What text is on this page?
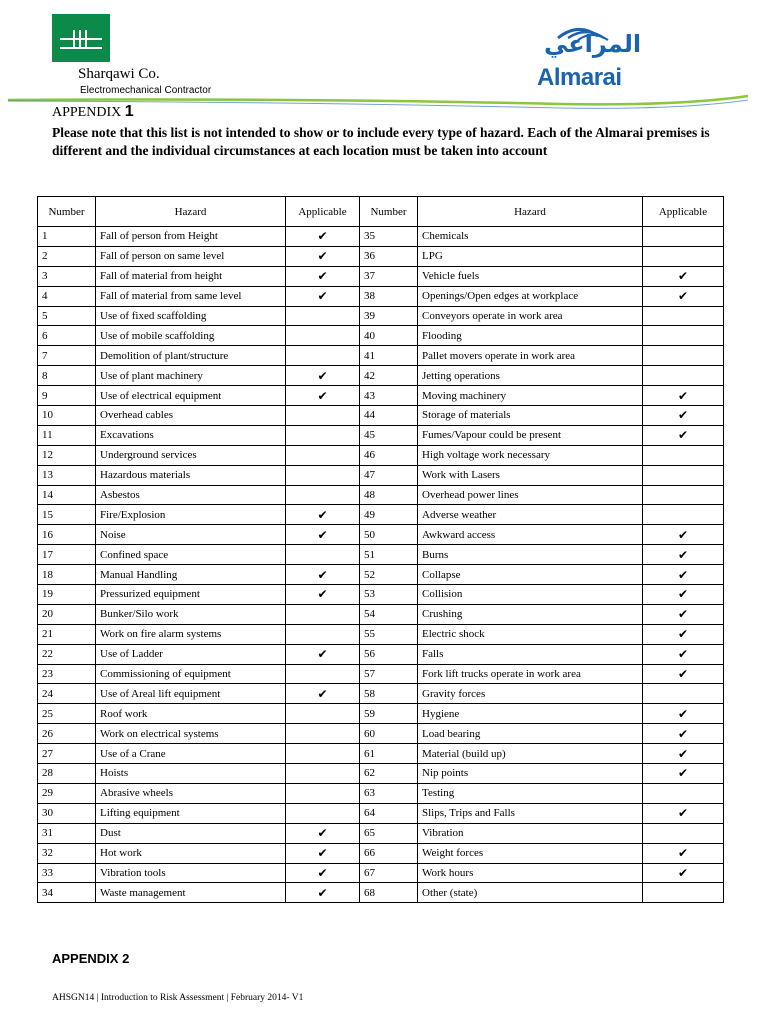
Sharqawi Co.
Electromechanical Contractor
المراعي
Almarai
APPENDIX 1
Please note that this list is not intended to show or to include every type of hazard. Each of the Almarai premises is different and the individual circumstances at each location must be taken into account
Number	Hazard	Applicable	Number	Hazard	Applicable
1	Fall of person from Height	✔	35	Chemicals	
2	Fall of person on same level	✔	36	LPG	
3	Fall of material from height	✔	37	Vehicle fuels	✔
4	Fall of material from same level	✔	38	Openings/Open edges at workplace	✔
5	Use of fixed scaffolding		39	Conveyors operate in work area	
6	Use of mobile scaffolding		40	Flooding	
7	Demolition of plant/structure		41	Pallet movers operate in work area	
8	Use of plant machinery	✔	42	Jetting operations	
9	Use of electrical equipment	✔	43	Moving machinery	✔
10	Overhead cables		44	Storage of materials	✔
11	Excavations		45	Fumes/Vapour could be present	✔
12	Underground services		46	High voltage work necessary	
13	Hazardous materials		47	Work with Lasers	
14	Asbestos		48	Overhead power lines	
15	Fire/Explosion	✔	49	Adverse weather	
16	Noise	✔	50	Awkward access	✔
17	Confined space		51	Burns	✔
18	Manual Handling	✔	52	Collapse	✔
19	Pressurized equipment	✔	53	Collision	✔
20	Bunker/Silo work		54	Crushing	✔
21	Work on fire alarm systems		55	Electric shock	✔
22	Use of Ladder	✔	56	Falls	✔
23	Commissioning of equipment		57	Fork lift trucks operate in work area	✔
24	Use of Areal lift equipment	✔	58	Gravity forces	
25	Roof work		59	Hygiene	✔
26	Work on electrical systems		60	Load bearing	✔
27	Use of a Crane		61	Material (build up)	✔
28	Hoists		62	Nip points	✔
29	Abrasive wheels		63	Testing	
30	Lifting equipment		64	Slips, Trips and Falls	✔
31	Dust	✔	65	Vibration	
32	Hot work	✔	66	Weight forces	✔
33	Vibration tools	✔	67	Work hours	✔
34	Waste management	✔	68	Other (state)	
APPENDIX 2
AHSGN14 | Introduction to Risk Assessment | February 2014- V1
